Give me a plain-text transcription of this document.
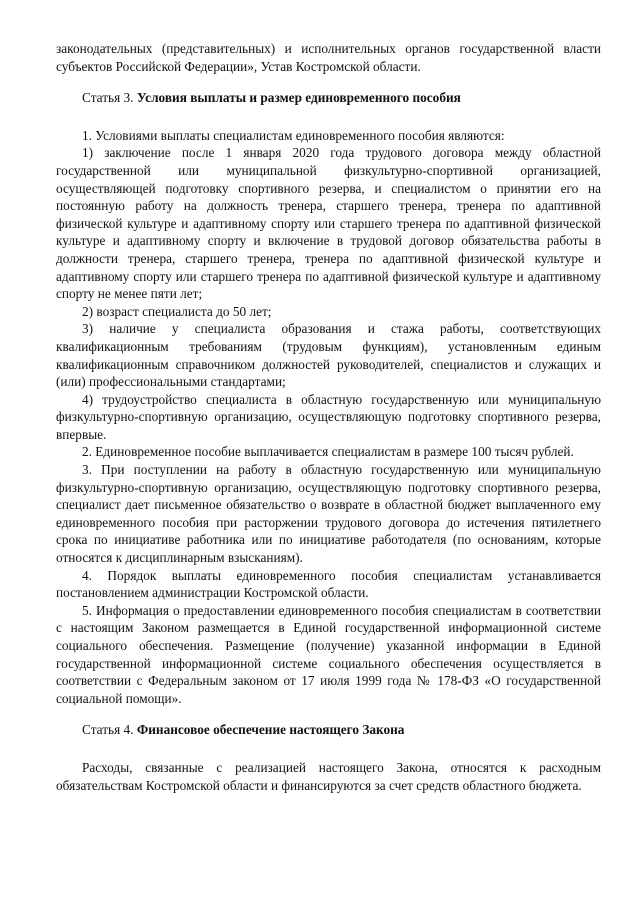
законодательных (представительных) и исполнительных органов государственной власти субъектов Российской Федерации», Устав Костромской области.

Статья 3. Условия выплаты и размер единовременного пособия

1. Условиями выплаты специалистам единовременного пособия являются:

1) заключение после 1 января 2020 года трудового договора между областной государственной или муниципальной физкультурно-спортивной организацией, осуществляющей подготовку спортивного резерва, и специалистом о принятии его на постоянную работу на должность тренера, старшего тренера, тренера по адаптивной физической культуре и адаптивному спорту или старшего тренера по адаптивной физической культуре и адаптивному спорту и включение в трудовой договор обязательства работы в должности тренера, старшего тренера, тренера по адаптивной физической культуре и адаптивному спорту или старшего тренера по адаптивной физической культуре и адаптивному спорту не менее пяти лет;

2) возраст специалиста до 50 лет;

3) наличие у специалиста образования и стажа работы, соответствующих квалификационным требованиям (трудовым функциям), установленным единым квалификационным справочником должностей руководителей, специалистов и служащих и (или) профессиональными стандартами;

4) трудоустройство специалиста в областную государственную или муниципальную физкультурно-спортивную организацию, осуществляющую подготовку спортивного резерва, впервые.

2. Единовременное пособие выплачивается специалистам в размере 100 тысяч рублей.

3. При поступлении на работу в областную государственную или муниципальную физкультурно-спортивную организацию, осуществляющую подготовку спортивного резерва, специалист дает письменное обязательство о возврате в областной бюджет выплаченного ему единовременного пособия при расторжении трудового договора до истечения пятилетнего срока по инициативе работника или по инициативе работодателя (по основаниям, которые относятся к дисциплинарным взысканиям).

4. Порядок выплаты единовременного пособия специалистам устанавливается постановлением администрации Костромской области.

5. Информация о предоставлении единовременного пособия специалистам в соответствии с настоящим Законом размещается в Единой государственной информационной системе социального обеспечения. Размещение (получение) указанной информации в Единой государственной информационной системе социального обеспечения осуществляется в соответствии с Федеральным законом от 17 июля 1999 года № 178-ФЗ «О государственной социальной помощи».

Статья 4. Финансовое обеспечение настоящего Закона

Расходы, связанные с реализацией настоящего Закона, относятся к расходным обязательствам Костромской области и финансируются за счет средств областного бюджета.
